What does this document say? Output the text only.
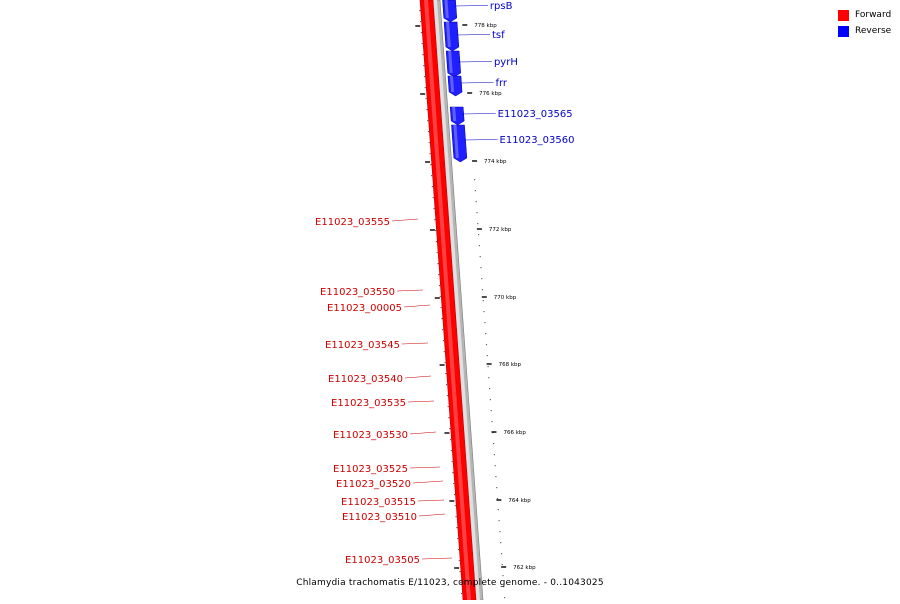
778 kbp
776 kbp
774 kbp
772 kbp
770 kbp
768 kbp
766 kbp
764 kbp
762 kbp
rpsB
tsf
pyrH
frr
E11023_03565
E11023_03560
E11023_03555
E11023_03550
E11023_00005
E11023_03545
E11023_03540
E11023_03535
E11023_03530
E11023_03525
E11023_03520
E11023_03515
E11023_03510
E11023_03505
Forward
Reverse
Chlamydia trachomatis E/11023, complete genome. - 0..1043025
